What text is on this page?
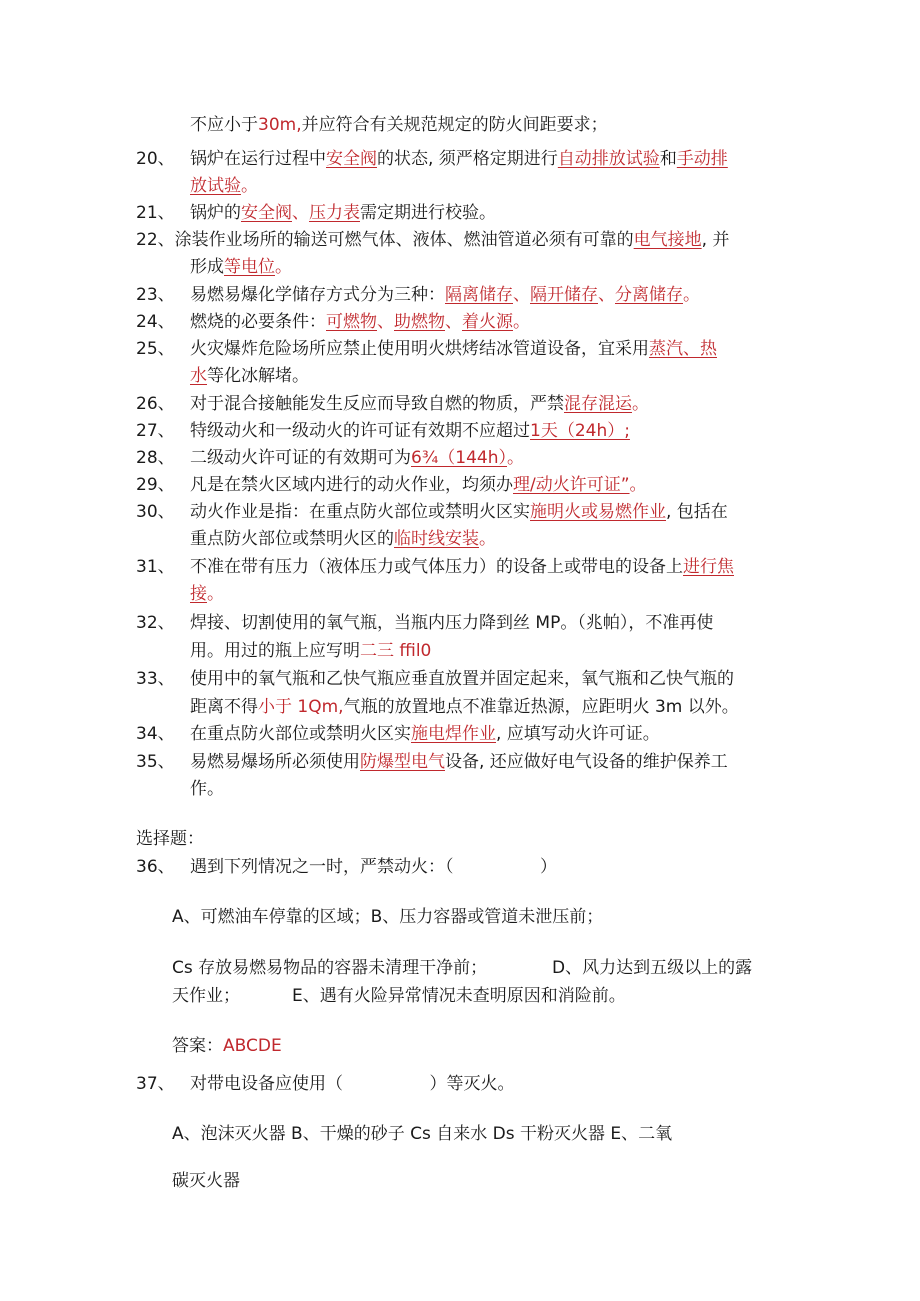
不应小于30m,并应符合有关规范规定的防火间距要求；
20、 锅炉在运行过程中安全阀的状态, 须严格定期进行自动排放试验和手动排
放试验。
21、 锅炉的安全阀、压力表需定期进行校验。
22、涂装作业场所的输送可燃气体、液体、燃油管道必须有可靠的电气接地, 并
形成等电位。
23、 易燃易爆化学储存方式分为三种：隔离储存、隔开储存、分离储存。
24、 燃烧的必要条件：可燃物、助燃物、着火源。
25、 火灾爆炸危险场所应禁止使用明火烘烤结冰管道设备，宜采用蒸汽、热
水等化冰解堵。
26、 对于混合接触能发生反应而导致自燃的物质，严禁混存混运。
27、 特级动火和一级动火的许可证有效期不应超过1天（24h）;
28、 二级动火许可证的有效期可为6¾（144h）。
29、 凡是在禁火区域内进行的动火作业，均须办理/动火许可证”。
30、 动火作业是指：在重点防火部位或禁明火区实施明火或易燃作业, 包括在
重点防火部位或禁明火区的临时线安装。
31、 不准在带有压力（液体压力或气体压力）的设备上或带电的设备上进行焦
接。
32、 焊接、切割使用的氧气瓶，当瓶内压力降到丝 MP。（兆帕），不准再使
用。用过的瓶上应写明二三 ffil0
33、 使用中的氧气瓶和乙快气瓶应垂直放置并固定起来，氧气瓶和乙快气瓶的
距离不得小于 1Qm,气瓶的放置地点不准靠近热源，应距明火 3m 以外。
34、 在重点防火部位或禁明火区实施电焊作业, 应填写动火许可证。
35、 易燃易爆场所必须使用防爆型电气设备, 还应做好电气设备的维护保养工
作。
选择题：
36、 遇到下列情况之一时，严禁动火：（                ）
A、可燃油车停靠的区域；B、压力容器或管道未泄压前；
Cs 存放易燃易物品的容器未清理干净前；	D、风力达到五级以上的露
天作业；	E、遇有火险异常情况未查明原因和消险前。
答案：ABCDE
37、 对带电设备应使用（                ）等灭火。
A、泡沫灭火器 B、干燥的砂子 Cs 自来水 Ds 干粉灭火器 E、二氧
碳灭火器
